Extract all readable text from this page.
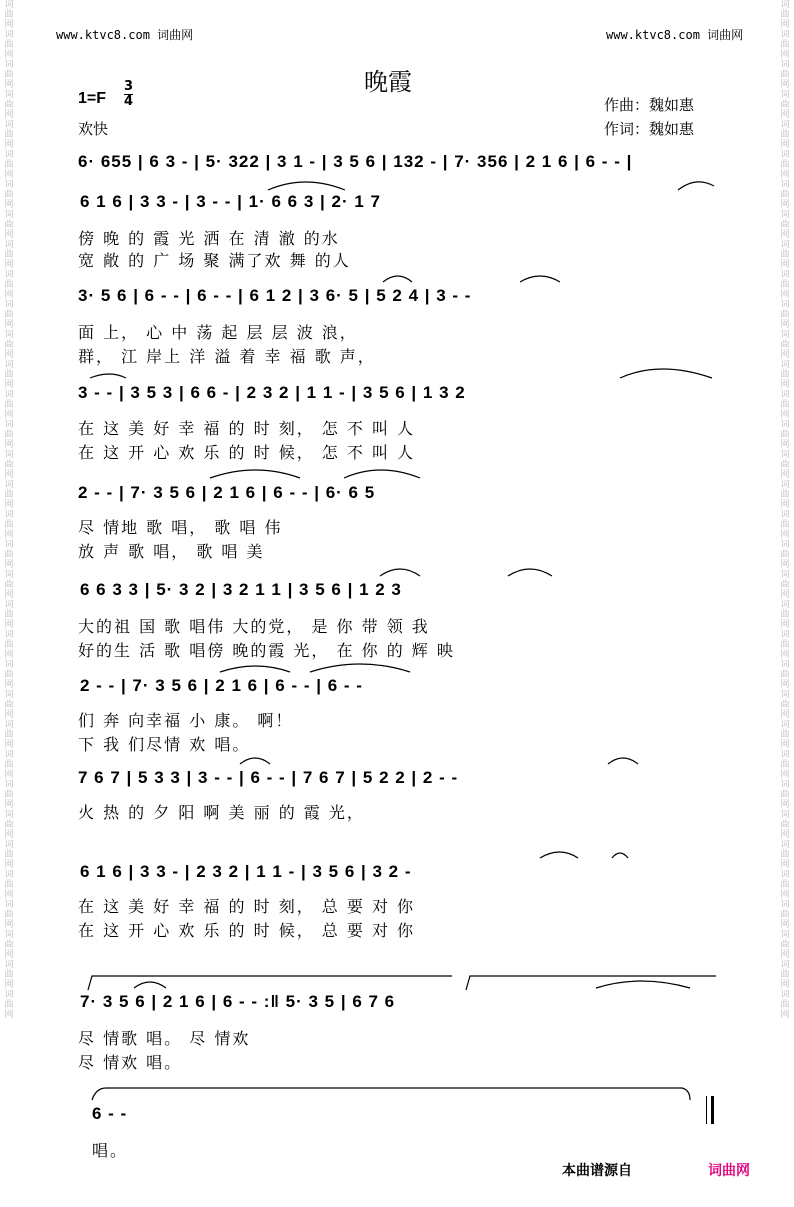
词
曲
网
词
曲
网
词
曲
网
词
曲
网
词
曲
网
词
曲
网
词
曲
网
词
曲
网
词
曲
网
词
曲
网
词
曲
网
词
曲
网
词
曲
网
词
曲
网
词
曲
网
词
曲
网
词
曲
网
词
曲
网
词
曲
网
词
曲
网
词
曲
网
词
曲
网
词
曲
网
词
曲
网
词
曲
网
词
曲
网
词
曲
网
词
曲
网
词
曲
网
词
曲
网
词
曲
网
词
曲
网
词
曲
网
词
曲
网
词
曲
网
词
曲
网
词
曲
网
词
曲
网
词
曲
网
词
曲
网
词
曲
网
词
曲
网
词
曲
网
词
曲
网
词
曲
网
词
曲
网
词
曲
网
词
曲
网
词
曲
网
词
曲
网
词
曲
网
词
曲
网
词
曲
网
词
曲
网
词
曲
网
词
曲
网
词
曲
网
词
曲
网
词
曲
网
词
曲
网
词
曲
网
词
曲
网
词
曲
网
词
曲
网
词
曲
网
词
曲
网
词
曲
网
词
曲
网
www.ktvc8.com 词曲网	www.ktvc8.com 词曲网
晚霞
1=F
3
4
欢快
作曲：魏如惠
作词：魏如惠
6· 655 | 6 3 - | 5· 322 | 3 1 - | 3 5 6 | 132 - | 7· 356 | 2 1 6 | 6 - - |
6 1 6 | 3 3 - | 3 - - | 1· 6 6 3 | 2· 1 7
傍 晚 的 霞 光 洒 在 清 澈 的水
宽 敞 的 广 场 聚 满了欢 舞 的人
3· 5 6 | 6 - - | 6 - - | 6 1 2 | 3 6· 5 | 5 2 4 | 3 - -
面 上， 心 中 荡 起 层 层 波 浪，
群， 江 岸上 洋 溢 着 幸 福 歌 声，
3 - - | 3 5 3 | 6 6 - | 2 3 2 | 1 1 - | 3 5 6 | 1 3 2
在 这 美 好 幸 福 的 时 刻， 怎 不 叫 人
在 这 开 心 欢 乐 的 时 候， 怎 不 叫 人
2 - - | 7· 3 5 6 | 2 1 6 | 6 - - | 6· 6 5
尽 情地 歌 唱， 歌 唱 伟
放 声 歌 唱， 歌 唱 美
6 6 3 3 | 5· 3 2 | 3 2 1 1 | 3 5 6 | 1 2 3
大的祖 国 歌 唱伟 大的党， 是 你 带 领 我
好的生 活 歌 唱傍 晚的霞 光， 在 你 的 辉 映
2 - - | 7· 3 5 6 | 2 1 6 | 6 - - | 6 - -
们 奔 向幸福 小 康。 啊！
下 我 们尽情 欢 唱。
7 6 7 | 5 3 3 | 3 - - | 6 - - | 7 6 7 | 5 2 2 | 2 - -
火 热 的 夕 阳 啊 美 丽 的 霞 光，
6 1 6 | 3 3 - | 2 3 2 | 1 1 - | 3 5 6 | 3 2 -
在 这 美 好 幸 福 的 时 刻， 总 要 对 你
在 这 开 心 欢 乐 的 时 候， 总 要 对 你
7· 3 5 6 | 2 1 6 | 6 - - :‖ 5· 3 5 | 6 7 6
尽 情歌 唱。 尽 情欢
尽 情欢 唱。
6 - -
唱。
本曲谱源自	词曲网
